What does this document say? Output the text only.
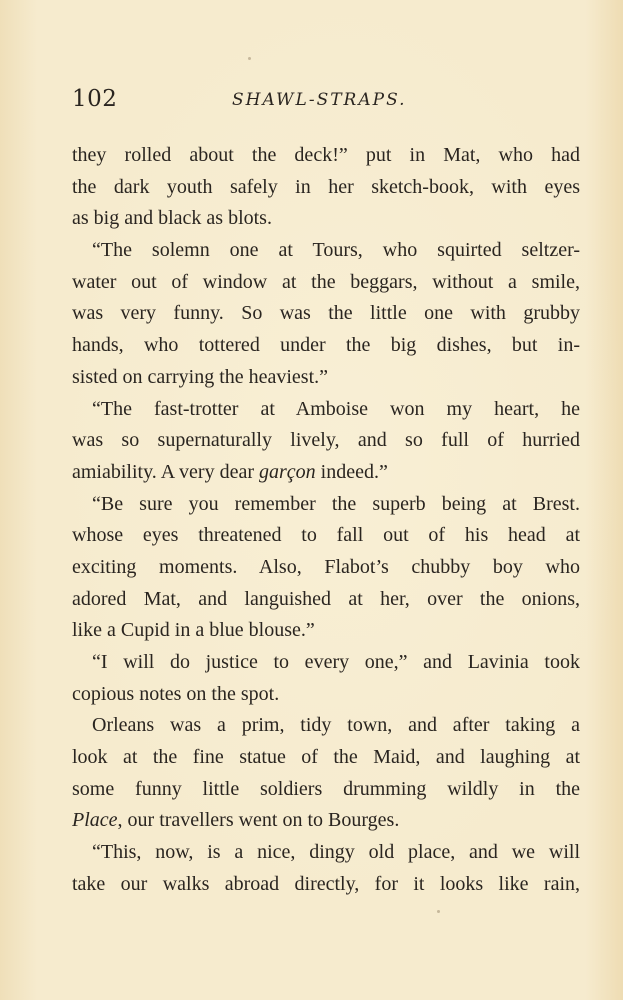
102	SHAWL-STRAPS.
they rolled about the deck!” put in Mat, who had
the dark youth safely in her sketch-book, with eyes
as big and black as blots.
“The solemn one at Tours, who squirted seltzer-
water out of window at the beggars, without a smile,
was very funny. So was the little one with grubby
hands, who tottered under the big dishes, but in-
sisted on carrying the heaviest.”
“The fast-trotter at Amboise won my heart, he
was so supernaturally lively, and so full of hurried
amiability. A very dear garçon indeed.”
“Be sure you remember the superb being at Brest.
whose eyes threatened to fall out of his head at
exciting moments. Also, Flabot’s chubby boy who
adored Mat, and languished at her, over the onions,
like a Cupid in a blue blouse.”
“I will do justice to every one,” and Lavinia took
copious notes on the spot.
Orleans was a prim, tidy town, and after taking a
look at the fine statue of the Maid, and laughing at
some funny little soldiers drumming wildly in the
Place, our travellers went on to Bourges.
“This, now, is a nice, dingy old place, and we will
take our walks abroad directly, for it looks like rain,
